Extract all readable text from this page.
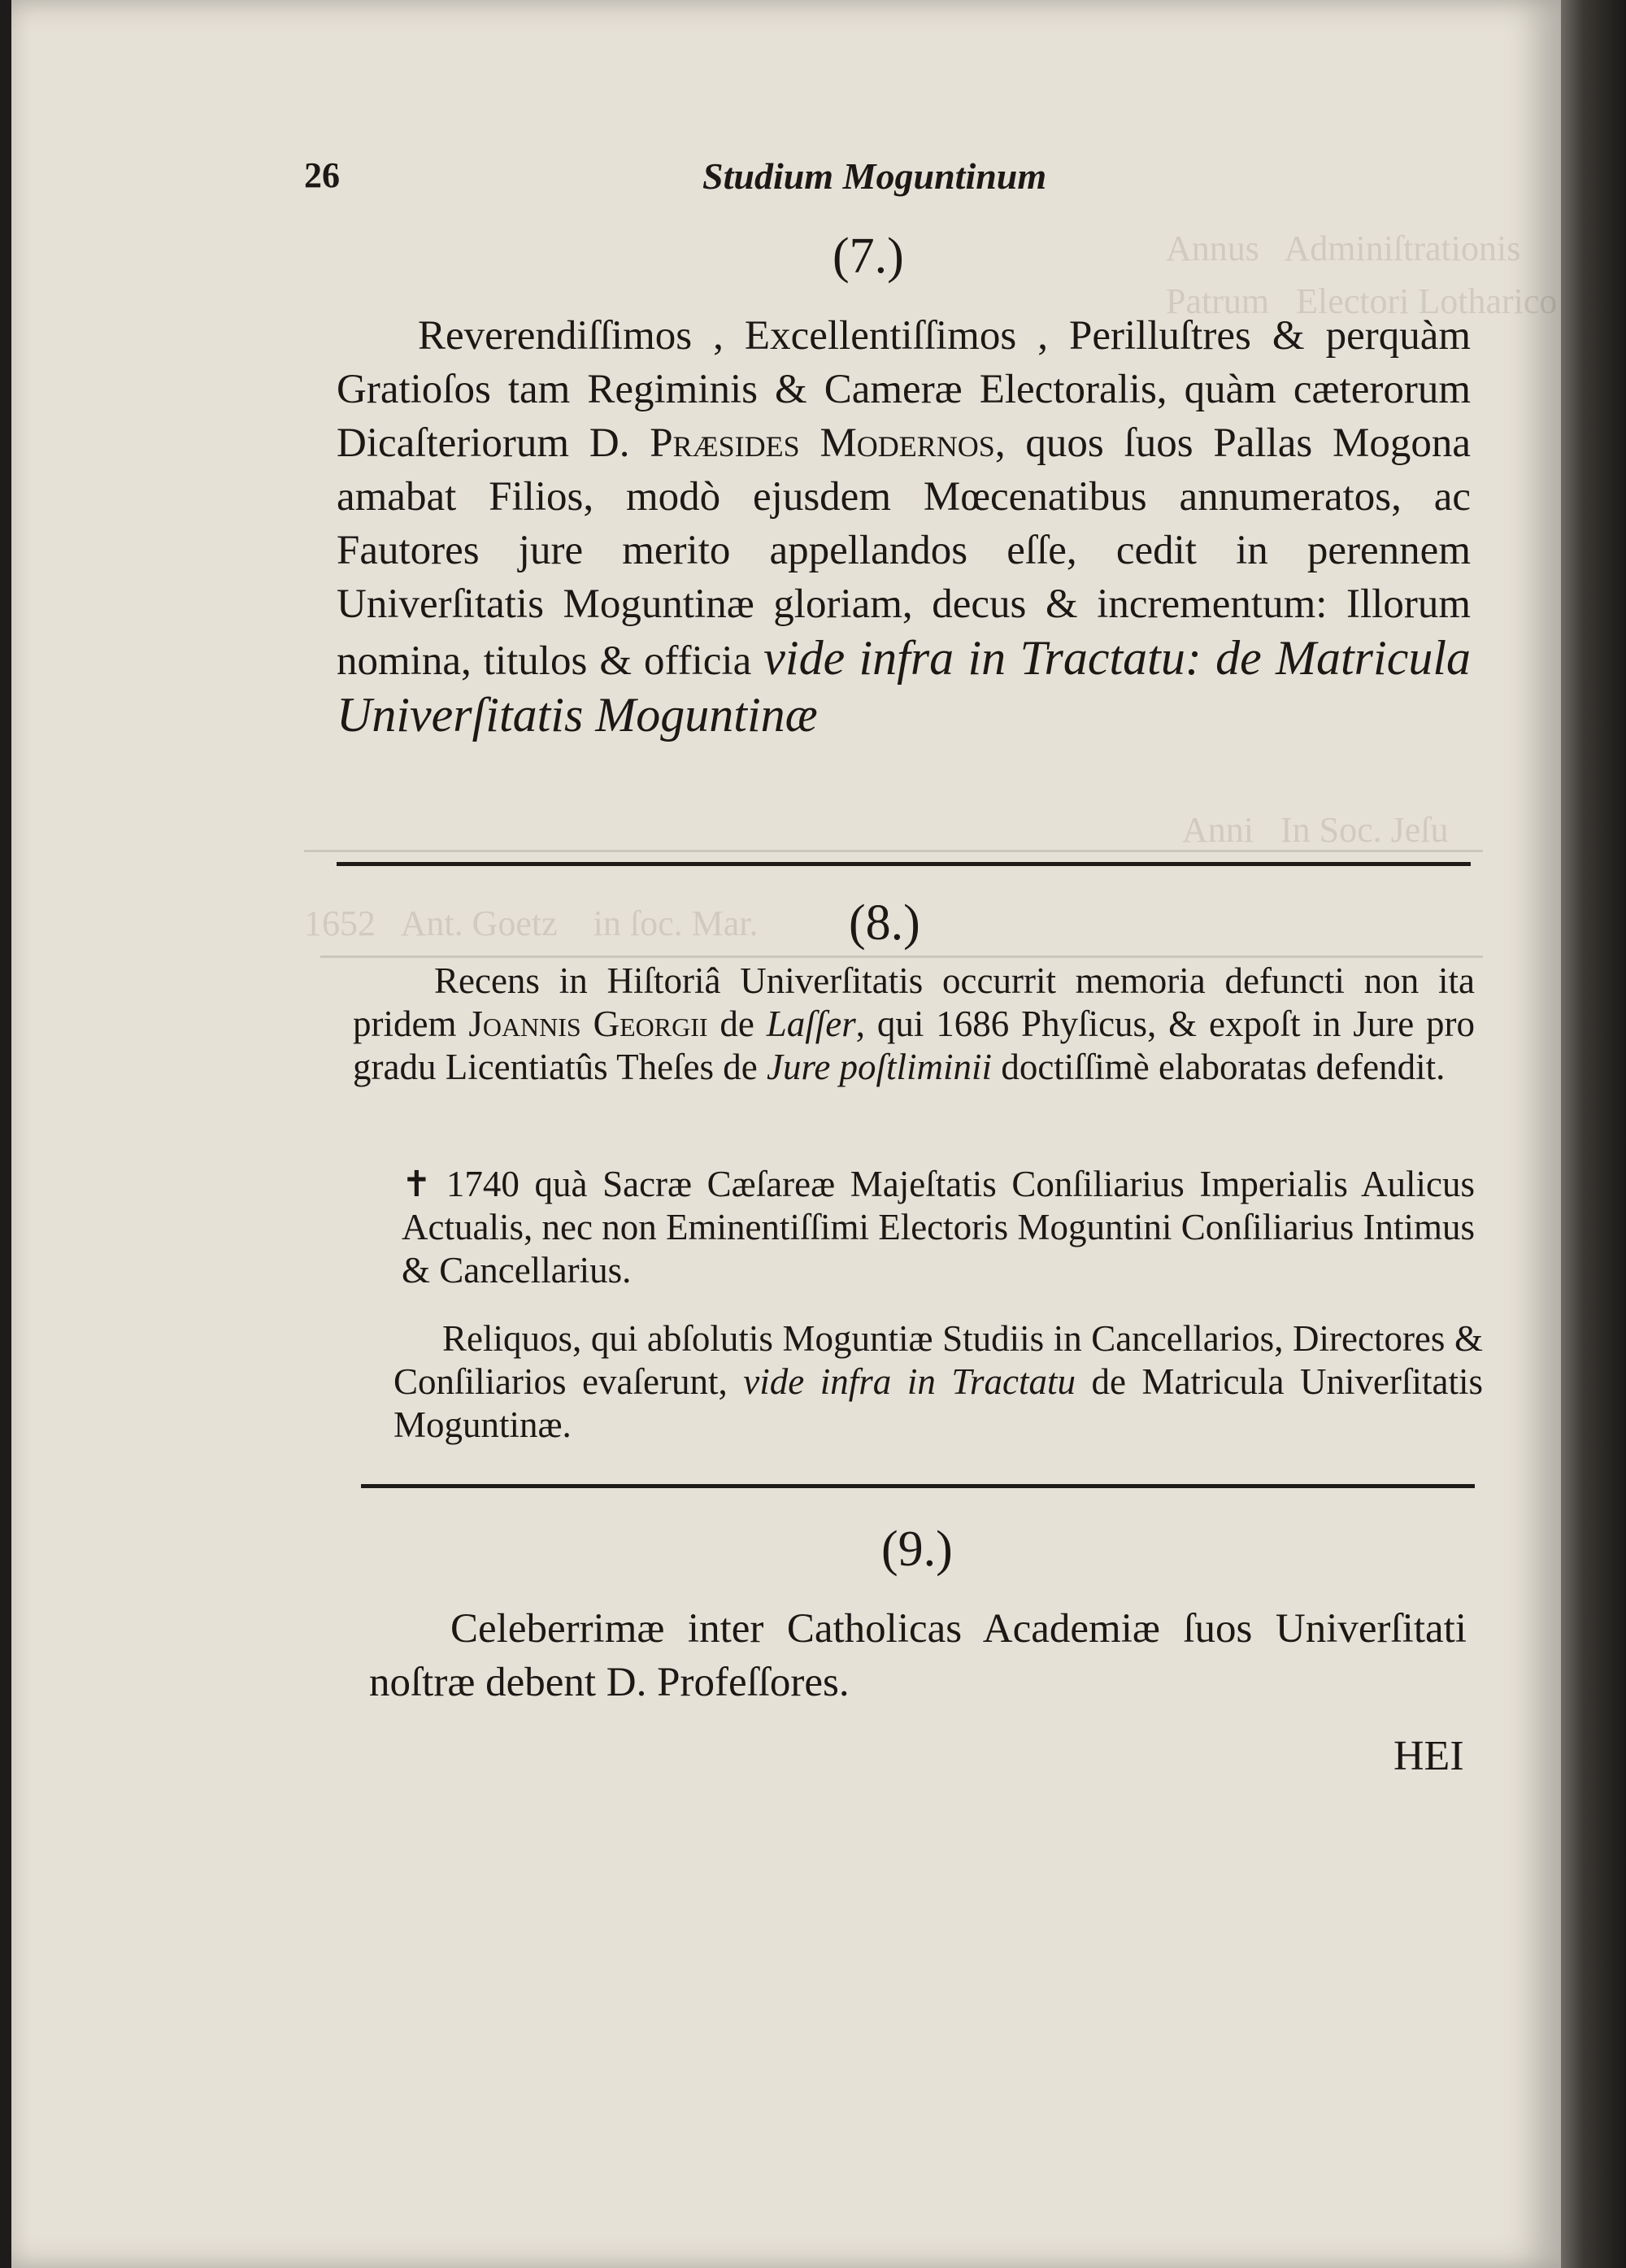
Annus   Adminiſtrationis
Patrum   Electori Lotharico
Anni   In Soc. Jeſu
1652   Ant. Goetz    in ſoc. Mar.
26	Studium Moguntinum
(7.)

Reverendiſſimos , Excellentiſſimos , Perilluſtres & perquàm Gratioſos tam Regiminis & Cameræ Electoralis, quàm cæterorum Dicaſteriorum D. Præsides Modernos, quos ſuos Pallas Mogona amabat Filios, modò ejusdem Mœcenatibus annumeratos, ac Fautores jure merito appellandos eſſe, cedit in perennem Univerſitatis Moguntinæ gloriam, decus & incrementum: Illorum nomina, titulos & officia vide infra in Tractatu: de Matricula Univerſitatis Moguntinæ

(8.)

Recens in Hiſtoriâ Univerſitatis occurrit memoria defuncti non ita pridem Joannis Georgii de Laſſer, qui 1686 Phyſicus, & expoſt in Jure pro gradu Licentiatûs Theſes de Jure poſtliminii doctiſſimè elaboratas defendit.

✝ 1740 quà Sacræ Cæſareæ Majeſtatis Conſiliarius Imperialis Aulicus Actualis, nec non Eminentiſſimi Electoris Moguntini Conſiliarius Intimus & Cancellarius.

Reliquos, qui abſolutis Moguntiæ Studiis in Cancellarios, Directores & Conſiliarios evaſerunt, vide infra in Tractatu de Matricula Univerſitatis Moguntinæ.

(9.)

Celeberrimæ inter Catholicas Academiæ ſuos Univerſitati noſtræ debent D. Profeſſores.

HEI
